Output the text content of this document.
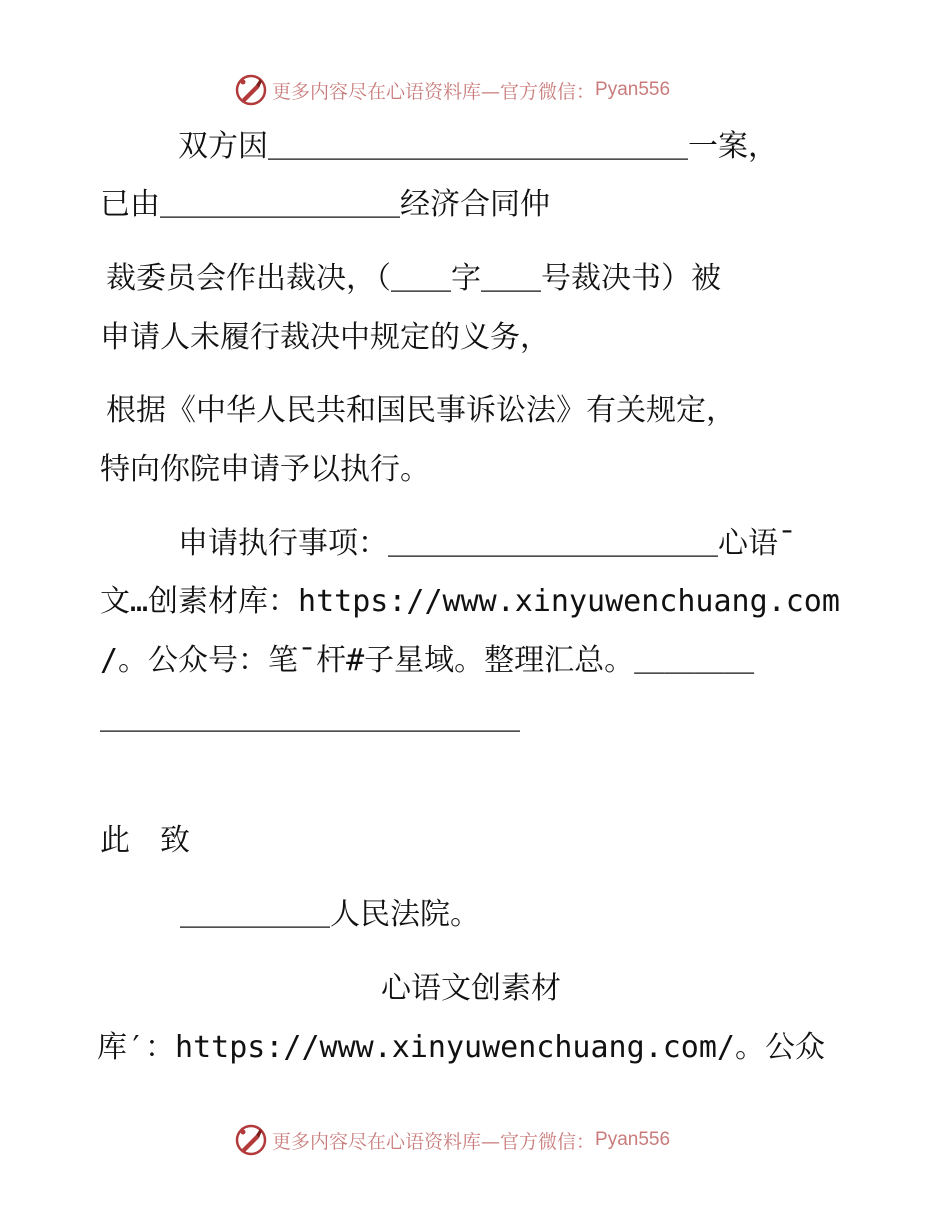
更多内容尽在心语资料库—官方微信： Pyan556
双方因＿＿＿＿＿＿＿＿＿＿＿＿＿＿一案，
已由＿＿＿＿＿＿＿＿经济合同仲
裁委员会作出裁决，（＿＿字＿＿号裁决书）被
申请人未履行裁决中规定的义务，
根据《中华人民共和国民事诉讼法》有关规定，
特向你院申请予以执行。
申请执行事项：＿＿＿＿＿＿＿＿＿＿＿心语¯
文…创素材库：https://www.xinyuwenchuang.com
/。公众号：笔¯杆#子星域。整理汇总。＿＿＿＿
＿＿＿＿＿＿＿＿＿＿＿＿＿＿
此　致
＿＿＿＿＿人民法院。
心语文创素材
库′：https://www.xinyuwenchuang.com/。公众
更多内容尽在心语资料库—官方微信： Pyan556
